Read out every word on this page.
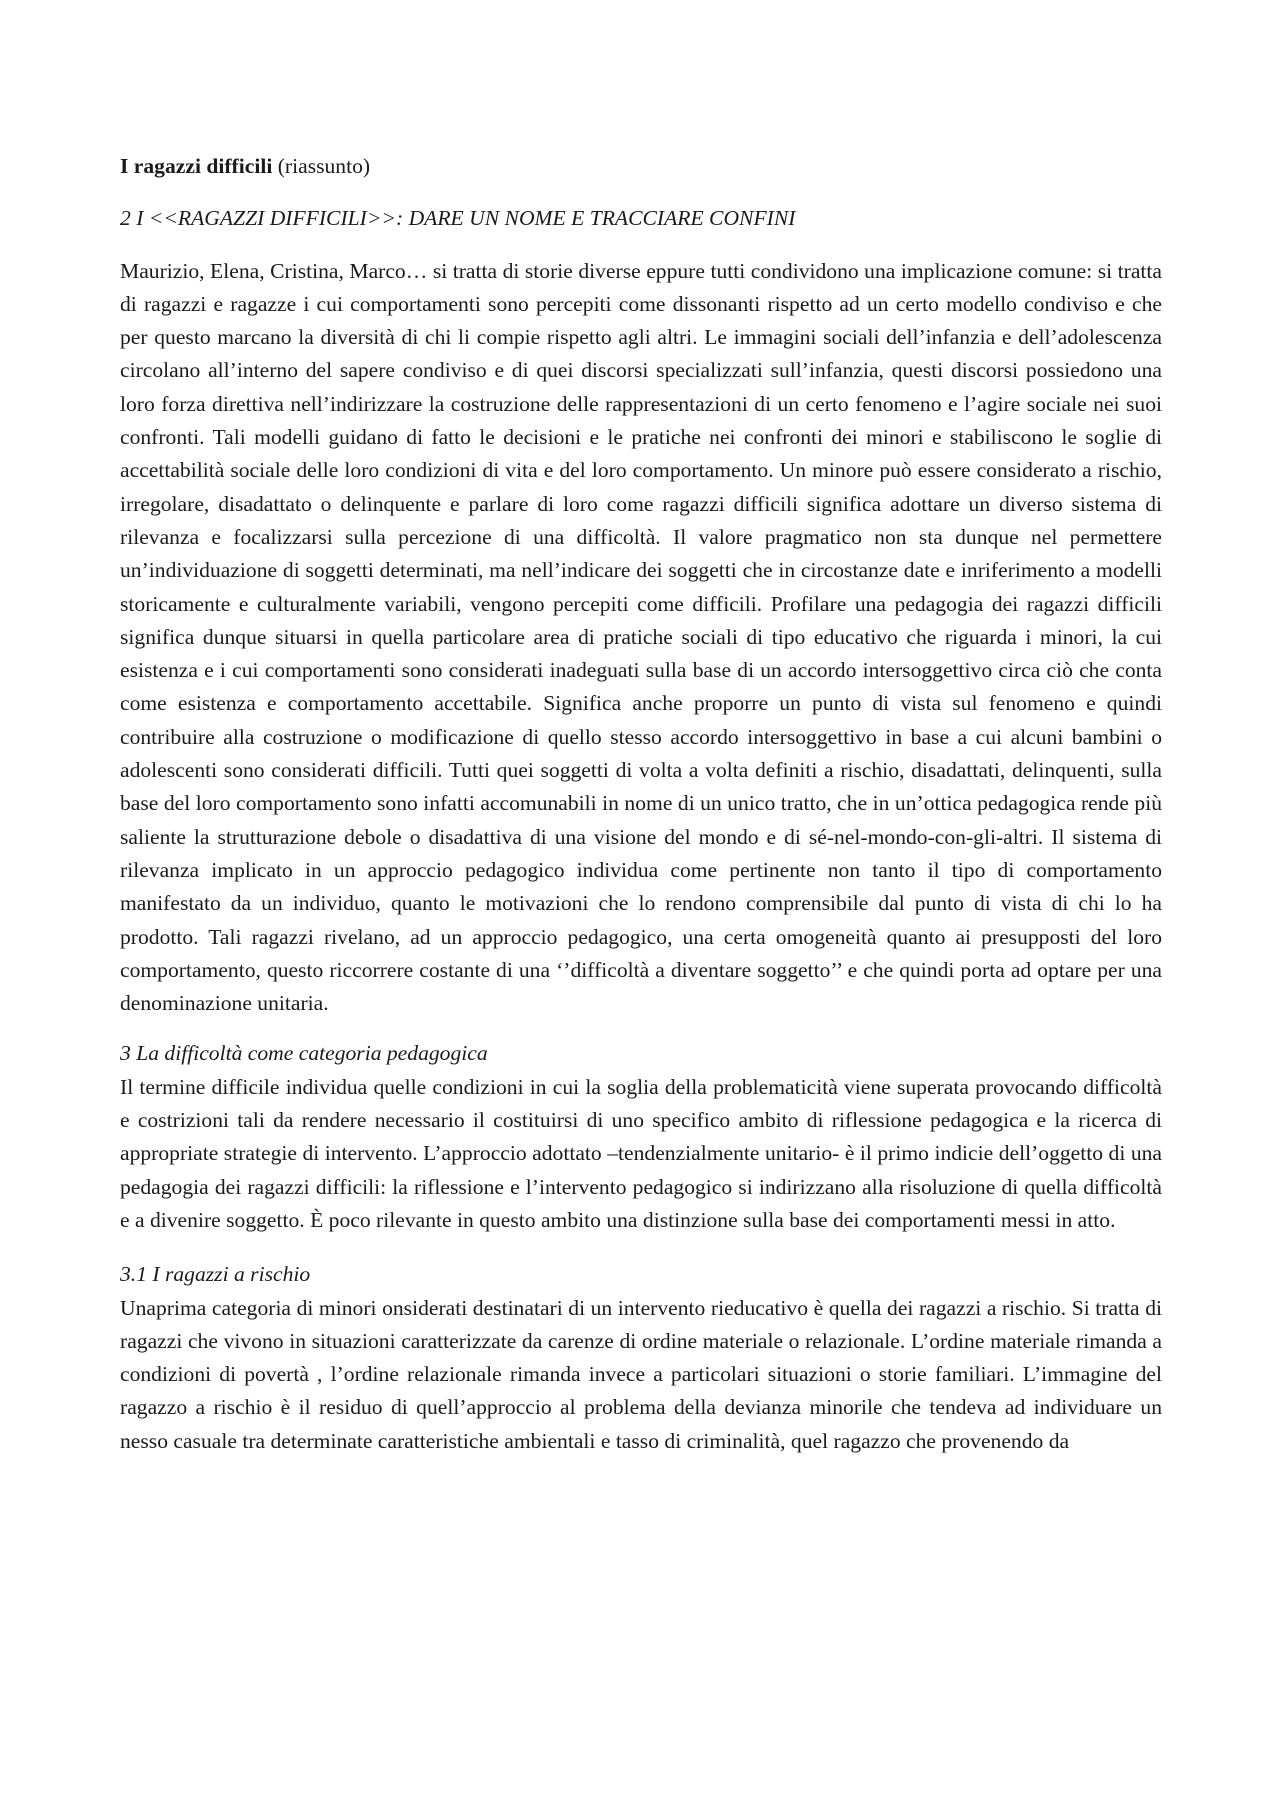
I ragazzi difficili (riassunto)

2 I <<RAGAZZI DIFFICILI>>: DARE UN NOME E TRACCIARE CONFINI

Maurizio, Elena, Cristina, Marco… si tratta di storie diverse eppure tutti condividono una implicazione comune: si tratta di ragazzi e ragazze i cui comportamenti sono percepiti come dissonanti rispetto ad un certo modello condiviso e che per questo marcano la diversità di chi li compie rispetto agli altri. Le immagini sociali dell’infanzia e dell’adolescenza circolano all’interno del sapere condiviso e di quei discorsi specializzati sull’infanzia, questi discorsi possiedono una loro forza direttiva nell’indirizzare la costruzione delle rappresentazioni di un certo fenomeno e l’agire sociale nei suoi confronti. Tali modelli guidano di fatto le decisioni e le pratiche nei confronti dei minori e stabiliscono le soglie di accettabilità sociale delle loro condizioni di vita e del loro comportamento. Un minore può essere considerato a rischio, irregolare, disadattato o delinquente e parlare di loro come ragazzi difficili significa adottare un diverso sistema di rilevanza e focalizzarsi sulla percezione di una difficoltà. Il valore pragmatico non sta dunque nel permettere un’individuazione di soggetti determinati, ma nell’indicare dei soggetti che in circostanze date e inriferimento a modelli storicamente e culturalmente variabili, vengono percepiti come difficili. Profilare una pedagogia dei ragazzi difficili significa dunque situarsi in quella particolare area di pratiche sociali di tipo educativo che riguarda i minori, la cui esistenza e i cui comportamenti sono considerati inadeguati sulla base di un accordo intersoggettivo circa ciò che conta come esistenza e comportamento accettabile. Significa anche proporre un punto di vista sul fenomeno e quindi contribuire alla costruzione o modificazione di quello stesso accordo intersoggettivo in base a cui alcuni bambini o adolescenti sono considerati difficili. Tutti quei soggetti di volta a volta definiti a rischio, disadattati, delinquenti, sulla base del loro comportamento sono infatti accomunabili in nome di un unico tratto, che in un’ottica pedagogica rende più saliente la strutturazione debole o disadattiva di una visione del mondo e di sé-nel-mondo-con-gli-altri. Il sistema di rilevanza implicato in un approccio pedagogico individua come pertinente non tanto il tipo di comportamento manifestato da un individuo, quanto le motivazioni che lo rendono comprensibile dal punto di vista di chi lo ha prodotto. Tali ragazzi rivelano, ad un approccio pedagogico, una certa omogeneità quanto ai presupposti del loro comportamento, questo riccorrere costante di una ‘’difficoltà a diventare soggetto’’ e che quindi porta ad optare per una denominazione unitaria.

3 La difficoltà come categoria pedagogica

Il termine difficile individua quelle condizioni in cui la soglia della problematicità viene superata provocando difficoltà e costrizioni tali da rendere necessario il costituirsi di uno specifico ambito di riflessione pedagogica e la ricerca di appropriate strategie di intervento. L’approccio adottato –tendenzialmente unitario- è il primo indicie dell’oggetto di una pedagogia dei ragazzi difficili: la riflessione e l’intervento pedagogico si indirizzano alla risoluzione di quella difficoltà e a divenire soggetto. È poco rilevante in questo ambito una distinzione sulla base dei comportamenti messi in atto.

3.1 I ragazzi a rischio

Unaprima categoria di minori onsiderati destinatari di un intervento rieducativo è quella dei ragazzi a rischio. Si tratta di ragazzi che vivono in situazioni caratterizzate da carenze di ordine materiale o relazionale. L’ordine materiale rimanda a condizioni di povertà , l’ordine relazionale rimanda invece a particolari situazioni o storie familiari. L’immagine del ragazzo a rischio è il residuo di quell’approccio al problema della devianza minorile che tendeva ad individuare un nesso casuale tra determinate caratteristiche ambientali e tasso di criminalità, quel ragazzo che provenendo da
